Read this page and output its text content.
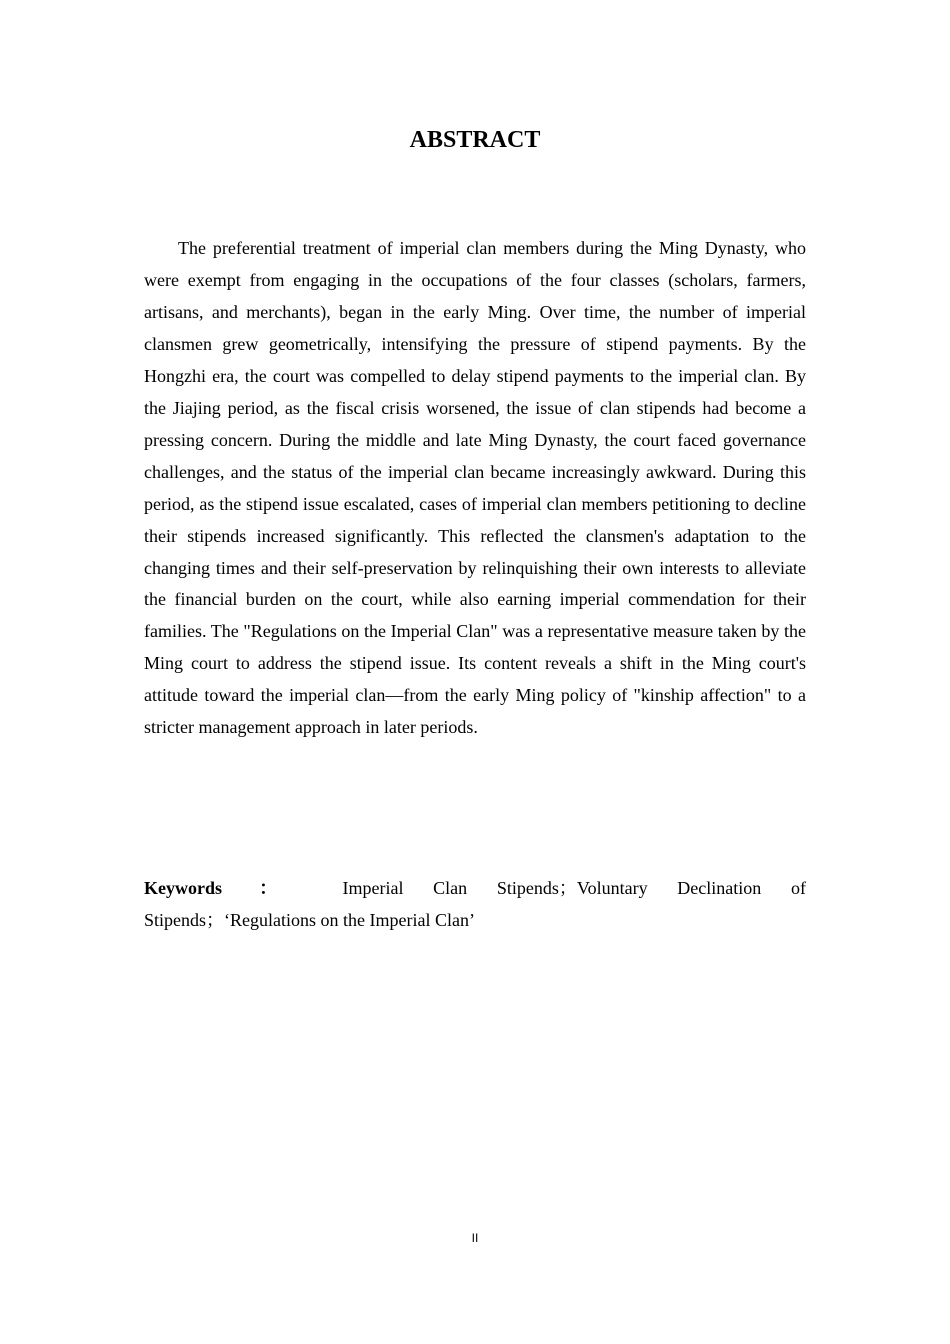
ABSTRACT

The preferential treatment of imperial clan members during the Ming Dynasty, who were exempt from engaging in the occupations of the four classes (scholars, farmers, artisans, and merchants), began in the early Ming. Over time, the number of imperial clansmen grew geometrically, intensifying the pressure of stipend payments. By the Hongzhi era, the court was compelled to delay stipend payments to the imperial clan. By the Jiajing period, as the fiscal crisis worsened, the issue of clan stipends had become a pressing concern. During the middle and late Ming Dynasty, the court faced governance challenges, and the status of the imperial clan became increasingly awkward. During this period, as the stipend issue escalated, cases of imperial clan members petitioning to decline their stipends increased significantly. This reflected the clansmen's adaptation to the changing times and their self-preservation by relinquishing their own interests to alleviate the financial burden on the court, while also earning imperial commendation for their families. The "Regulations on the Imperial Clan" was a representative measure taken by the Ming court to address the stipend issue. Its content reveals a shift in the Ming court's attitude toward the imperial clan—from the early Ming policy of "kinship affection" to a stricter management approach in later periods.

Keywords ： Imperial Clan Stipends；Voluntary Declination of Stipends；‘Regulations on the Imperial Clan’

II
